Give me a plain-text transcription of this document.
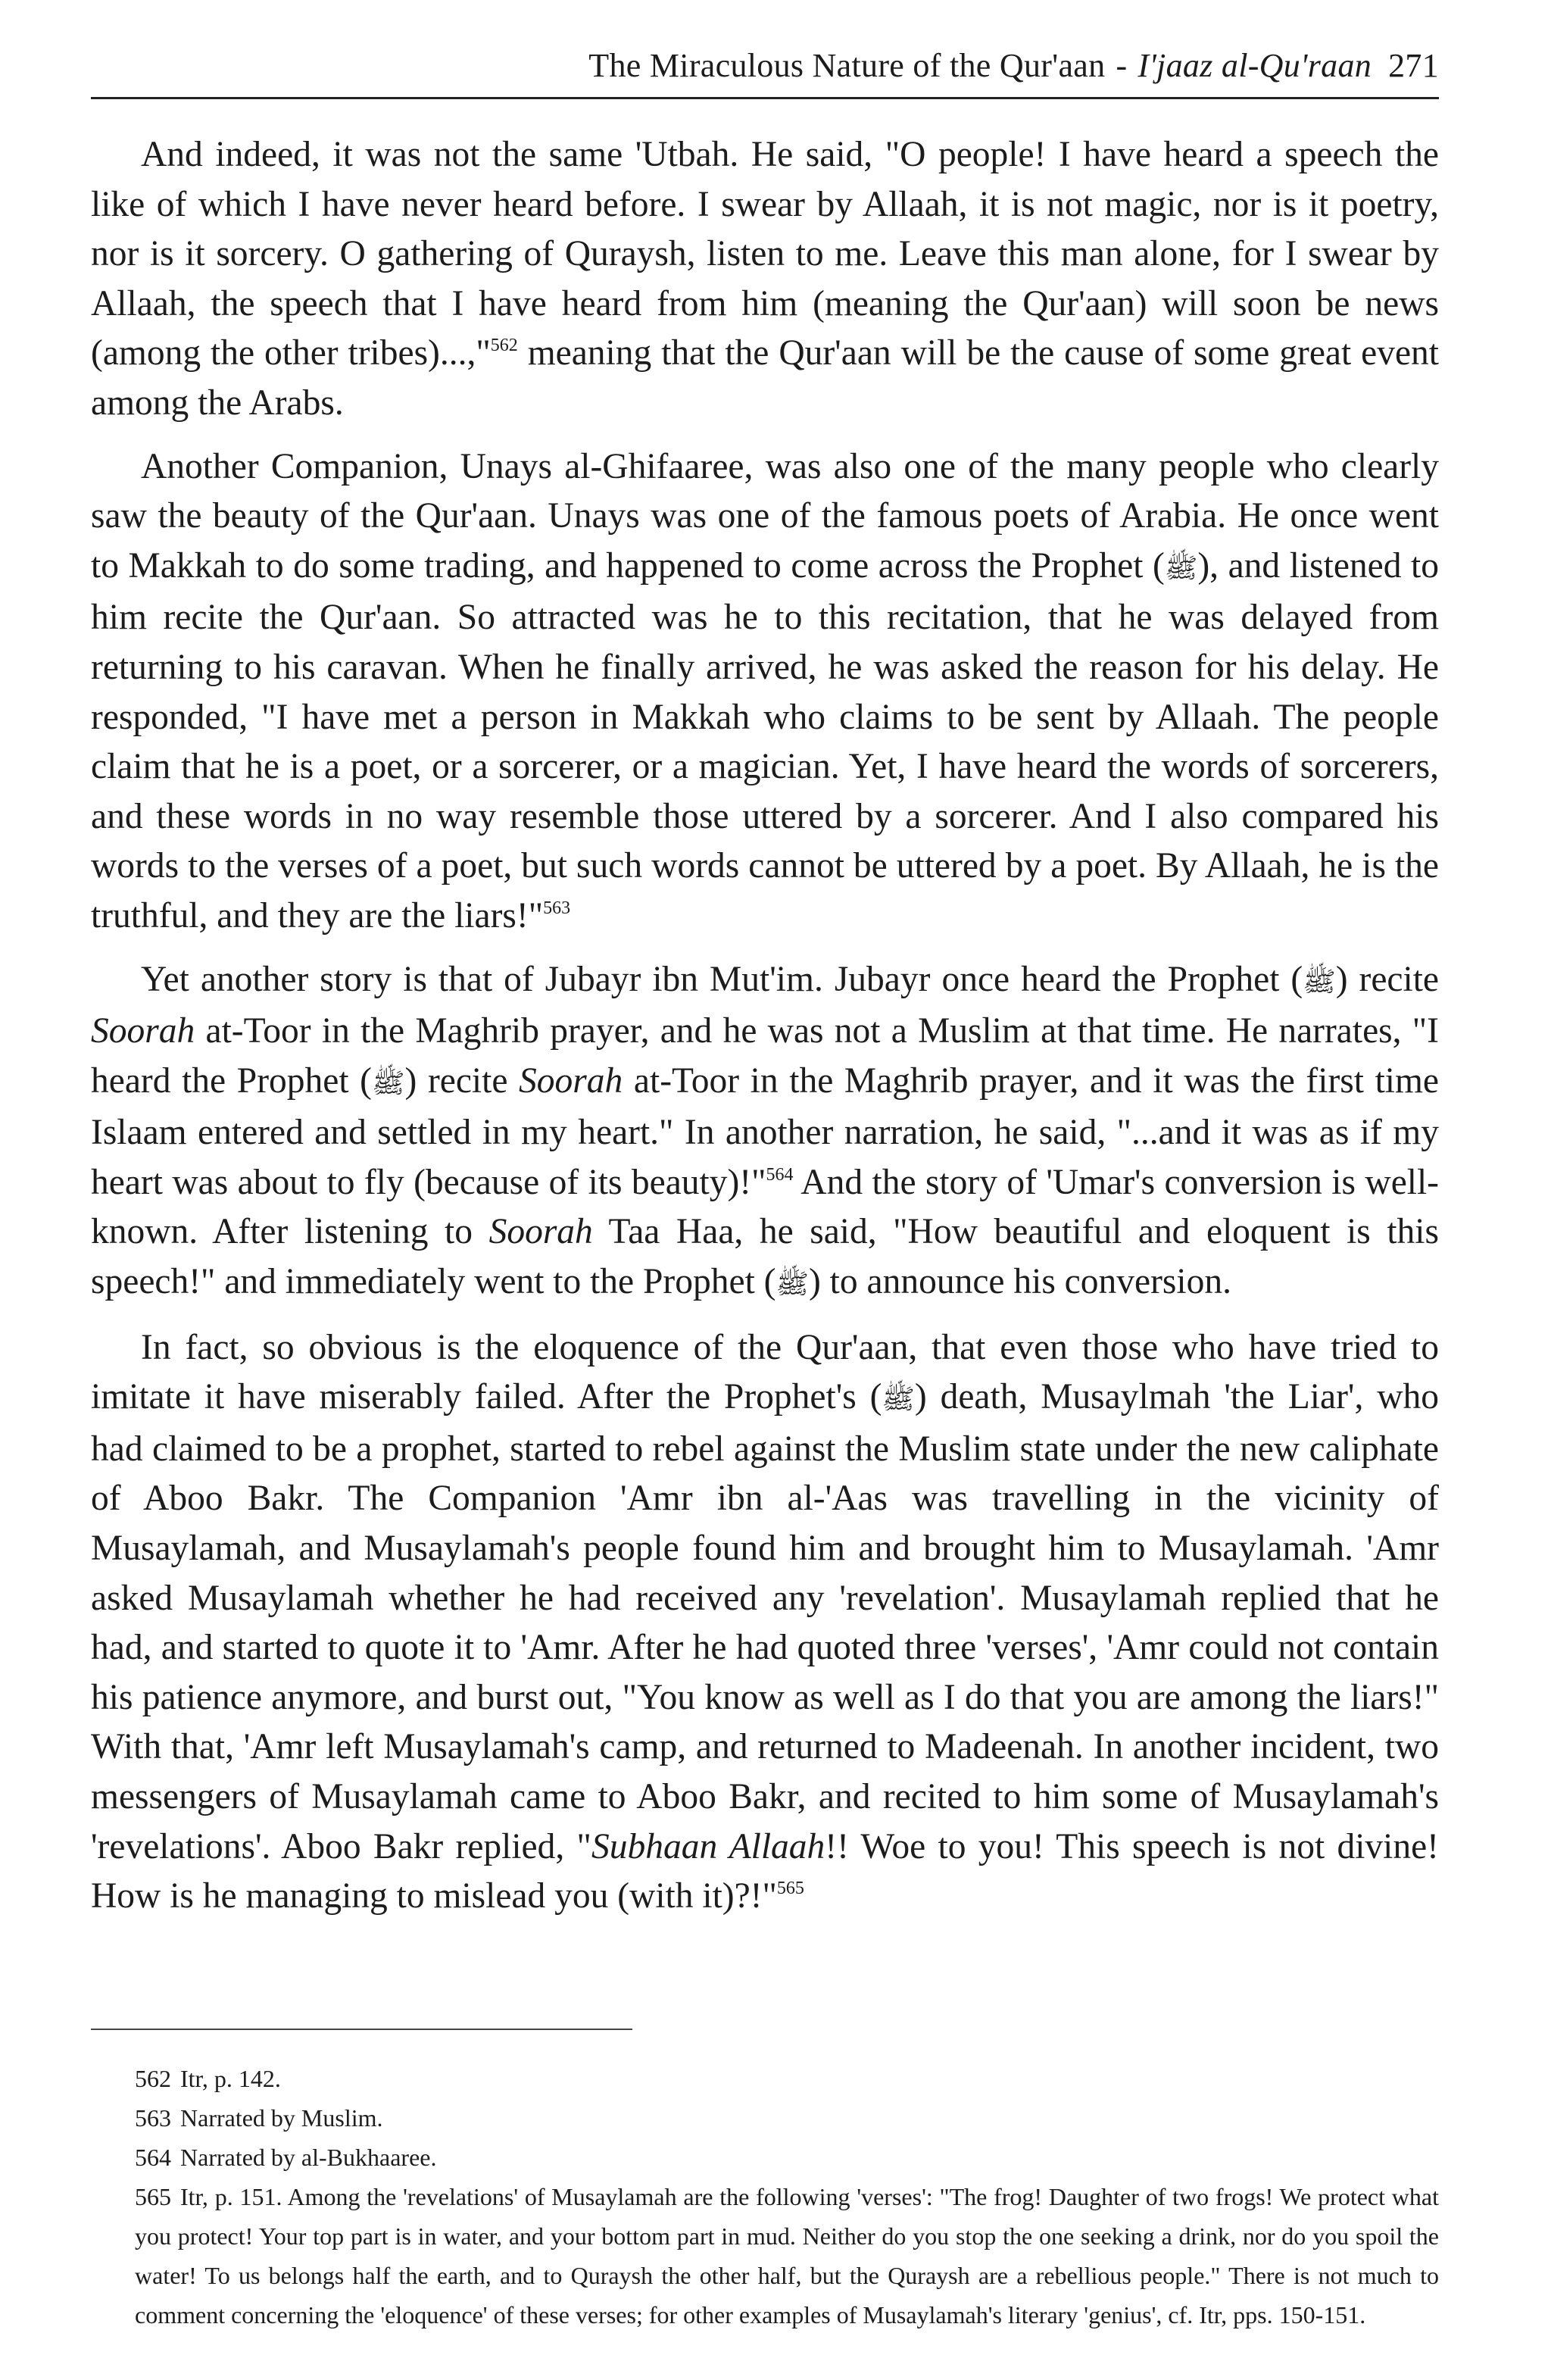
The Miraculous Nature of the Qur'aan - I'jaaz al-Qu'raan 271

And indeed, it was not the same 'Utbah. He said, "O people! I have heard a speech the like of which I have never heard before. I swear by Allaah, it is not magic, nor is it poetry, nor is it sorcery. O gathering of Quraysh, listen to me. Leave this man alone, for I swear by Allaah, the speech that I have heard from him (meaning the Qur'aan) will soon be news (among the other tribes)...,"$^{562}$ meaning that the Qur'aan will be the cause of some great event among the Arabs.

Another Companion, Unays al-Ghifaaree, was also one of the many people who clearly saw the beauty of the Qur'aan. Unays was one of the famous poets of Arabia. He once went to Makkah to do some trading, and happened to come across the Prophet (ﷺ), and listened to him recite the Qur'aan. So attracted was he to this recitation, that he was delayed from returning to his caravan. When he finally arrived, he was asked the reason for his delay. He responded, "I have met a person in Makkah who claims to be sent by Allaah. The people claim that he is a poet, or a sorcerer, or a magician. Yet, I have heard the words of sorcerers, and these words in no way resemble those uttered by a sorcerer. And I also compared his words to the verses of a poet, but such words cannot be uttered by a poet. By Allaah, he is the truthful, and they are the liars!"$^{563}$

Yet another story is that of Jubayr ibn Mut'im. Jubayr once heard the Prophet (ﷺ) recite Soorah at-Toor in the Maghrib prayer, and he was not a Muslim at that time. He narrates, "I heard the Prophet (ﷺ) recite Soorah at-Toor in the Maghrib prayer, and it was the first time Islaam entered and settled in my heart." In another narration, he said, "...and it was as if my heart was about to fly (because of its beauty)!"$^{564}$ And the story of 'Umar's conversion is well-known. After listening to Soorah Taa Haa, he said, "How beautiful and eloquent is this speech!" and immediately went to the Prophet (ﷺ) to announce his conversion.

In fact, so obvious is the eloquence of the Qur'aan, that even those who have tried to imitate it have miserably failed. After the Prophet's (ﷺ) death, Musaylmah 'the Liar', who had claimed to be a prophet, started to rebel against the Muslim state under the new caliphate of Aboo Bakr. The Companion 'Amr ibn al-'Aas was travelling in the vicinity of Musaylamah, and Musaylamah's people found him and brought him to Musaylamah. 'Amr asked Musaylamah whether he had received any 'revelation'. Musaylamah replied that he had, and started to quote it to 'Amr. After he had quoted three 'verses', 'Amr could not contain his patience anymore, and burst out, "You know as well as I do that you are among the liars!" With that, 'Amr left Musaylamah's camp, and returned to Madeenah. In another incident, two messengers of Musaylamah came to Aboo Bakr, and recited to him some of Musaylamah's 'revelations'. Aboo Bakr replied, "Subhaan Allaah!! Woe to you! This speech is not divine! How is he managing to mislead you (with it)?!"$^{565}$

562 Itr, p. 142.

563 Narrated by Muslim.

564 Narrated by al-Bukhaaree.

565 Itr, p. 151. Among the 'revelations' of Musaylamah are the following 'verses': "The frog! Daughter of two frogs! We protect what you protect! Your top part is in water, and your bottom part in mud. Neither do you stop the one seeking a drink, nor do you spoil the water! To us belongs half the earth, and to Quraysh the other half, but the Quraysh are a rebellious people." There is not much to comment concerning the 'eloquence' of these verses; for other examples of Musaylamah's literary 'genius', cf. Itr, pps. 150-151.
